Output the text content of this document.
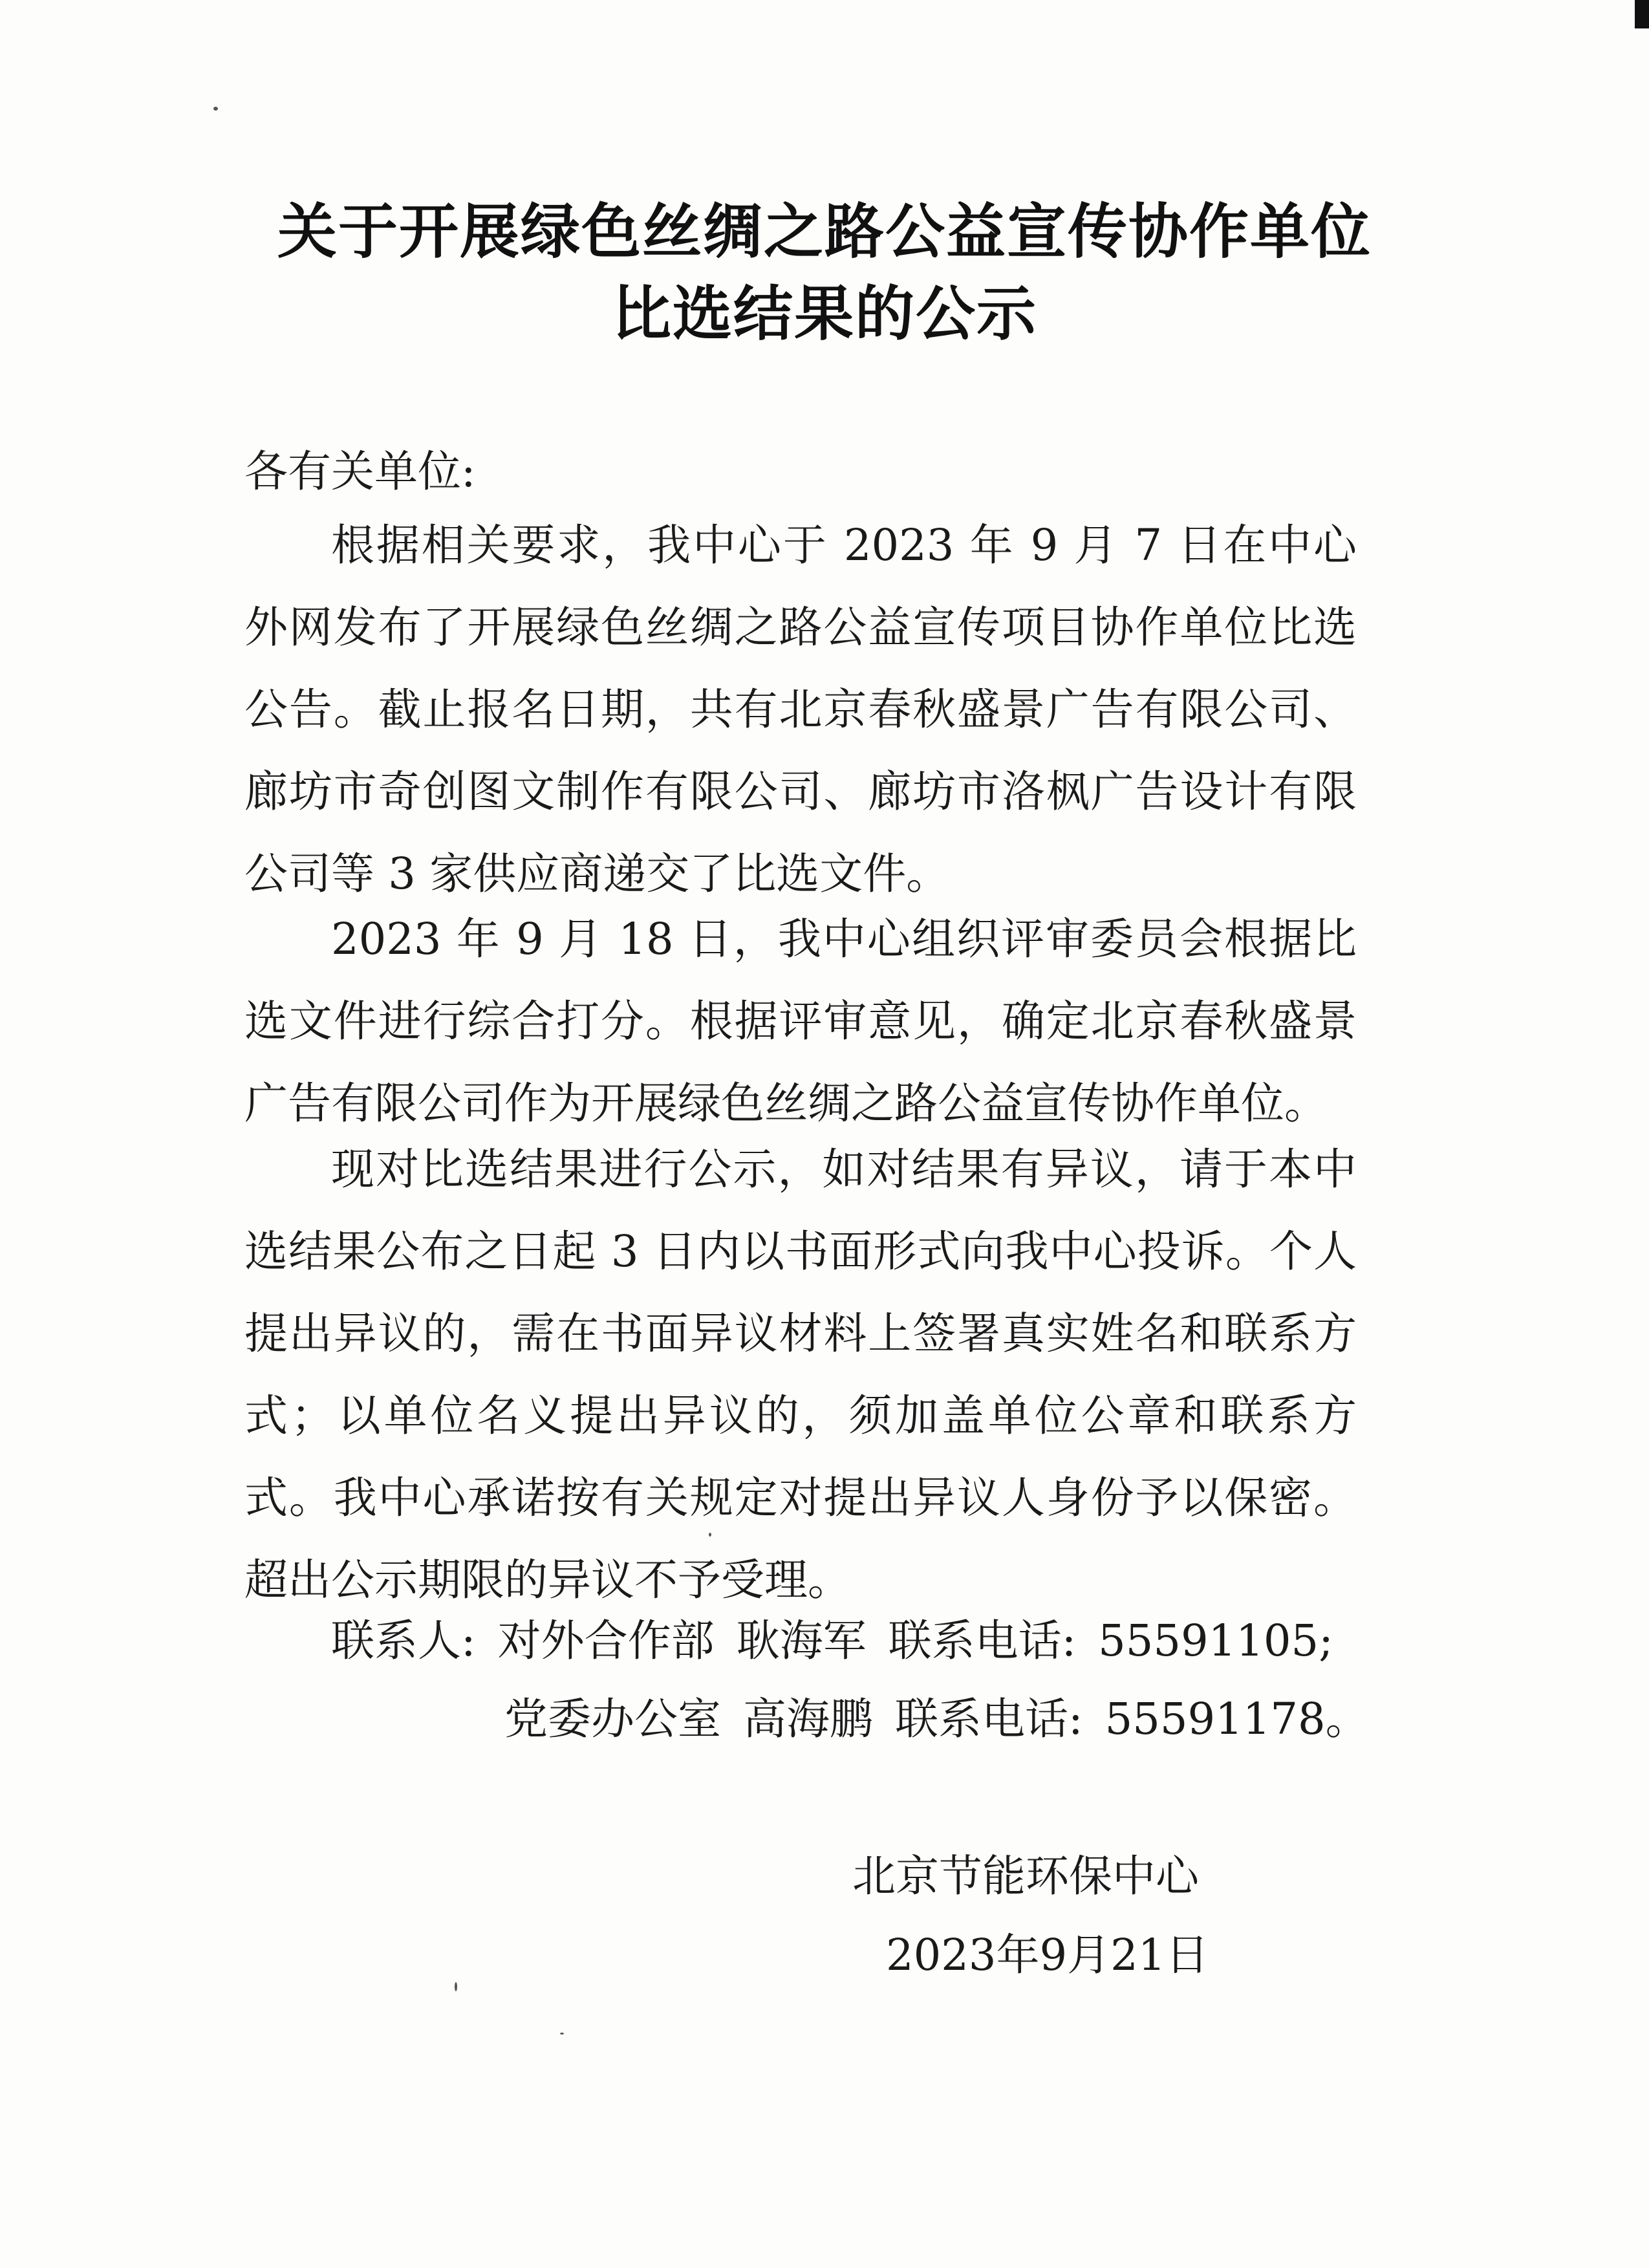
关于开展绿色丝绸之路公益宣传协作单位
比选结果的公示
各有关单位:
根据相关要求，我中心于 2023 年 9 月 7 日在中心外网发布了开展绿色丝绸之路公益宣传项目协作单位比选公告。截止报名日期，共有北京春秋盛景广告有限公司、廊坊市奇创图文制作有限公司、廊坊市洛枫广告设计有限公司等 3 家供应商递交了比选文件。
2023 年 9 月 18 日，我中心组织评审委员会根据比选文件进行综合打分。根据评审意见，确定北京春秋盛景广告有限公司作为开展绿色丝绸之路公益宣传协作单位。
现对比选结果进行公示，如对结果有异议，请于本中选结果公布之日起 3 日内以书面形式向我中心投诉。个人提出异议的，需在书面异议材料上签署真实姓名和联系方式；以单位名义提出异议的，须加盖单位公章和联系方式。我中心承诺按有关规定对提出异议人身份予以保密。超出公示期限的异议不予受理。
联系人: 对外合作部 耿海军 联系电话: 55591105;
党委办公室 高海鹏 联系电话: 55591178。
北京节能环保中心
2023年9月21日
